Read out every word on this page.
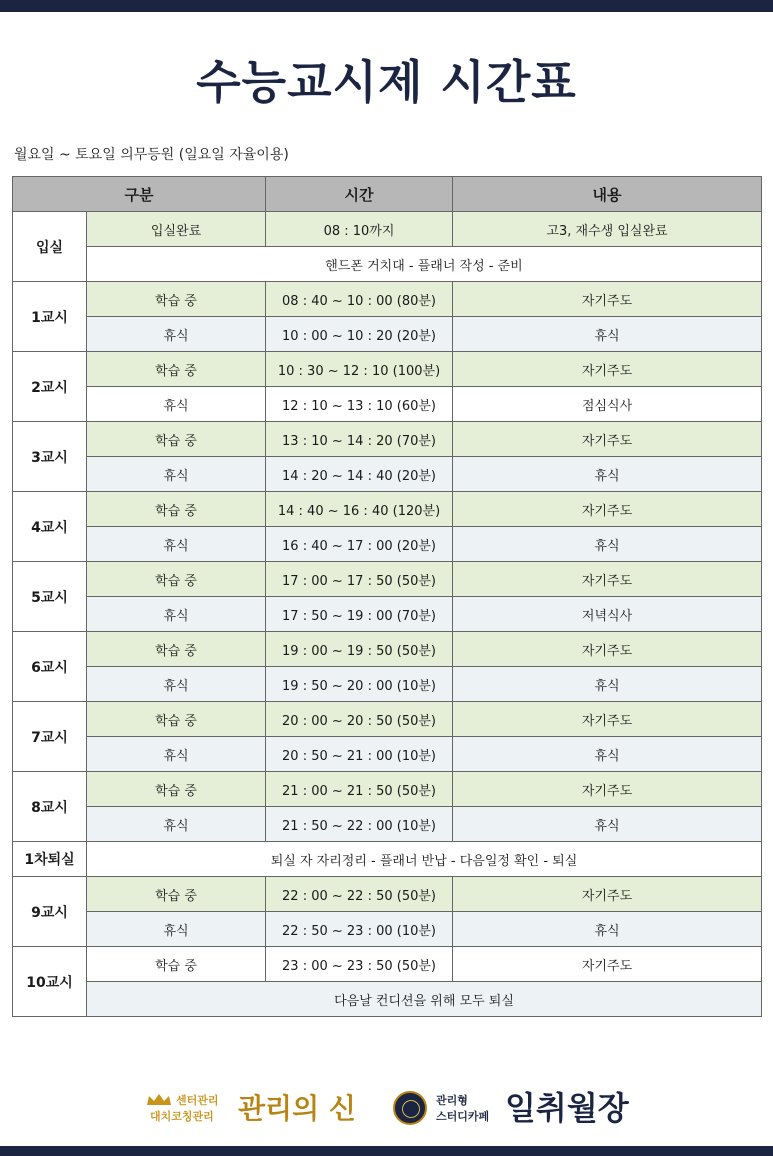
수능교시제 시간표
월요일 ~ 토요일 의무등원 (일요일 자율이용)
구분		시간	내용
입실	입실완료	08 : 10까지	고3, 재수생 입실완료
	핸드폰 거치대 - 플래너 작성 - 준비		
1교시	학습 중	08 : 40 ~ 10 : 00 (80분)	자기주도
	휴식	10 : 00 ~ 10 : 20 (20분)	휴식
2교시	학습 중	10 : 30 ~ 12 : 10 (100분)	자기주도
	휴식	12 : 10 ~ 13 : 10 (60분)	점심식사
3교시	학습 중	13 : 10 ~ 14 : 20 (70분)	자기주도
	휴식	14 : 20 ~ 14 : 40 (20분)	휴식
4교시	학습 중	14 : 40 ~ 16 : 40 (120분)	자기주도
	휴식	16 : 40 ~ 17 : 00 (20분)	휴식
5교시	학습 중	17 : 00 ~ 17 : 50 (50분)	자기주도
	휴식	17 : 50 ~ 19 : 00 (70분)	저녁식사
6교시	학습 중	19 : 00 ~ 19 : 50 (50분)	자기주도
	휴식	19 : 50 ~ 20 : 00 (10분)	휴식
7교시	학습 중	20 : 00 ~ 20 : 50 (50분)	자기주도
	휴식	20 : 50 ~ 21 : 00 (10분)	휴식
8교시	학습 중	21 : 00 ~ 21 : 50 (50분)	자기주도
	휴식	21 : 50 ~ 22 : 00 (10분)	휴식
1차퇴실	퇴실 자 자리정리 - 플래너 반납 - 다음일정 확인 - 퇴실		
9교시	학습 중	22 : 00 ~ 22 : 50 (50분)	자기주도
	휴식	22 : 50 ~ 23 : 00 (10분)	휴식
10교시	학습 중	23 : 00 ~ 23 : 50 (50분)	자기주도
	다음날 컨디션을 위해 모두 퇴실		
센터관리
대치코칭관리 관리의 신	관리형
스터디카페 일취월장
